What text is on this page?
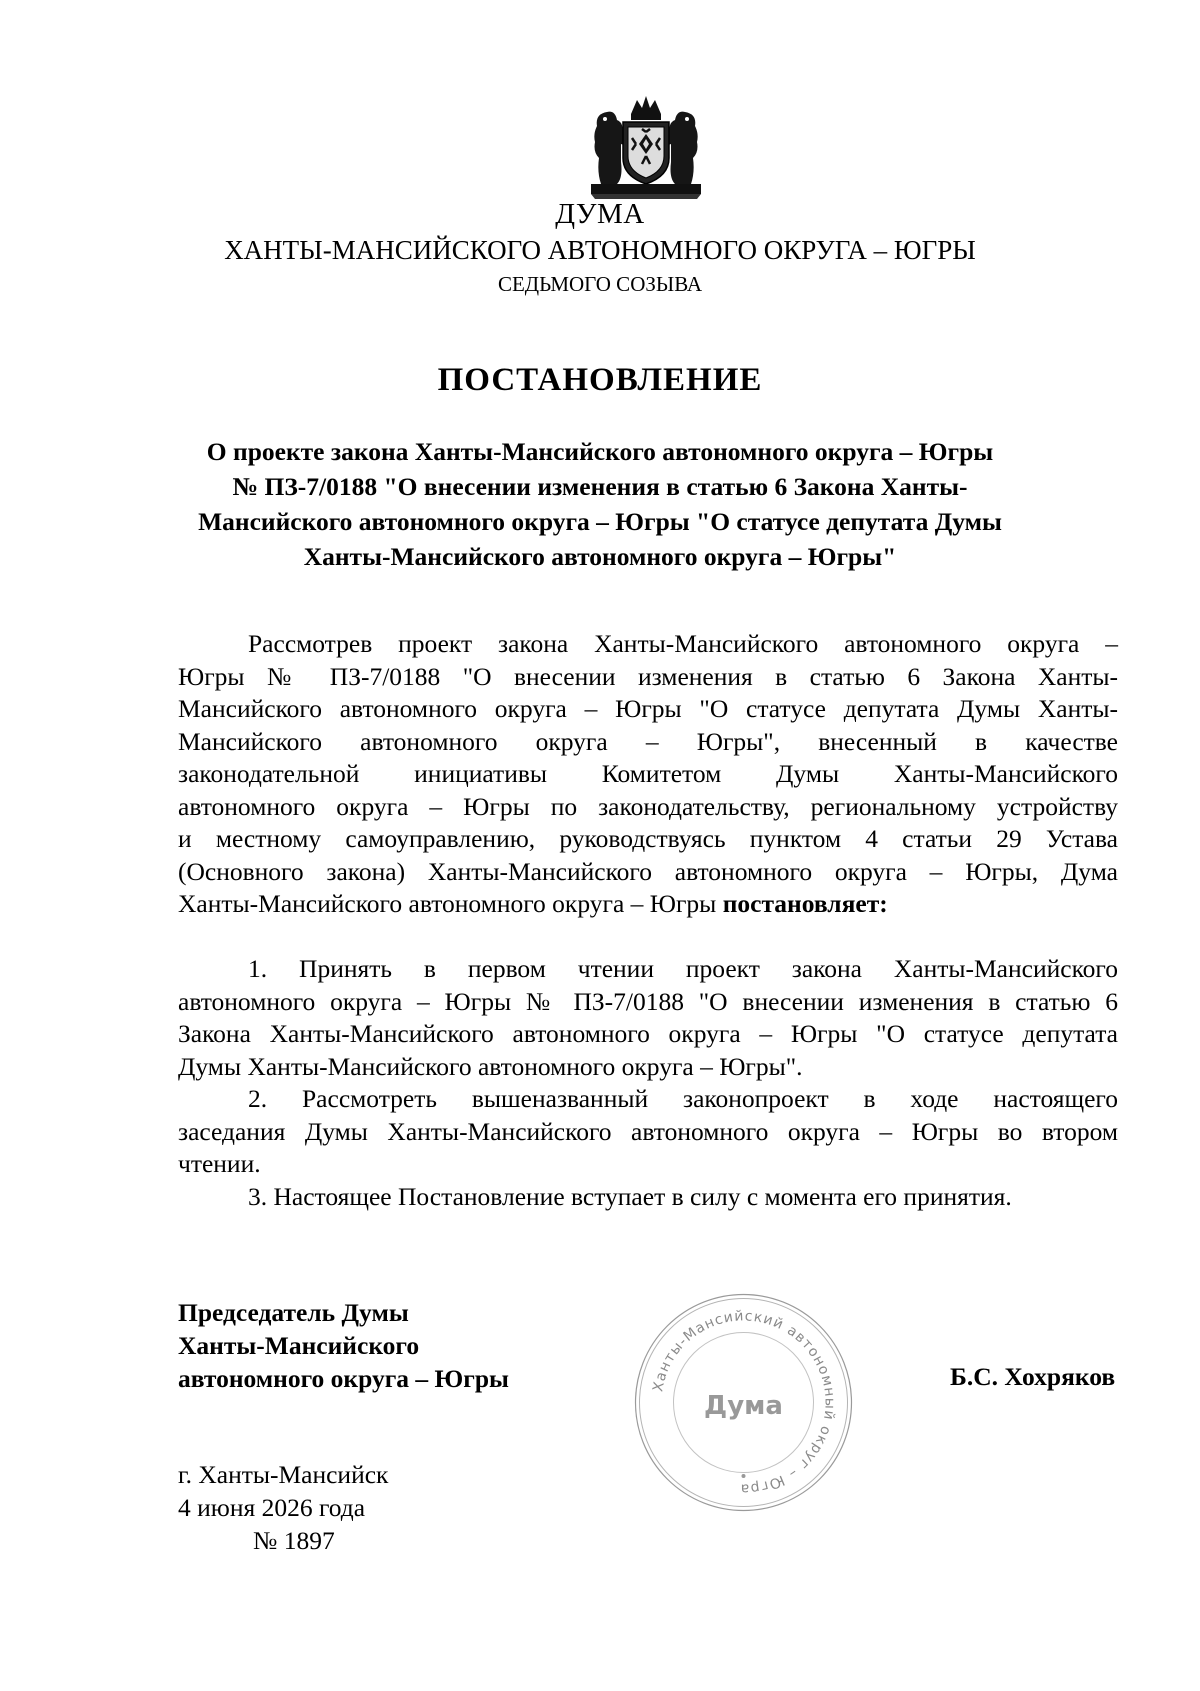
ДУМА
ХАНТЫ-МАНСИЙСКОГО АВТОНОМНОГО ОКРУГА – ЮГРЫ
СЕДЬМОГО СОЗЫВА
ПОСТАНОВЛЕНИЕ
О проекте закона Ханты-Мансийского автономного округа – Югры
№ ПЗ-7/0188 "О внесении изменения в статью 6 Закона Ханты-
Мансийского автономного округа – Югры "О статусе депутата Думы
Ханты-Мансийского автономного округа – Югры"
Рассмотрев проект закона Ханты-Мансийского автономного округа –
Югры № ПЗ-7/0188 "О внесении изменения в статью 6 Закона Ханты-
Мансийского автономного округа – Югры "О статусе депутата Думы Ханты-
Мансийского автономного округа – Югры", внесенный в качестве
законодательной инициативы Комитетом Думы Ханты-Мансийского
автономного округа – Югры по законодательству, региональному устройству
и местному самоуправлению, руководствуясь пунктом 4 статьи 29 Устава
(Основного закона) Ханты-Мансийского автономного округа – Югры, Дума
Ханты-Мансийского автономного округа – Югры постановляет:
1. Принять в первом чтении проект закона Ханты-Мансийского
автономного округа – Югры № ПЗ-7/0188 "О внесении изменения в статью 6
Закона Ханты-Мансийского автономного округа – Югры "О статусе депутата
Думы Ханты-Мансийского автономного округа – Югры".
2. Рассмотреть вышеназванный законопроект в ходе настоящего
заседания Думы Ханты-Мансийского автономного округа – Югры во втором
чтении.
3. Настоящее Постановление вступает в силу с момента его принятия.
Председатель Думы
Ханты-Мансийского
автономного округа – Югры	Ханты-Мансийский автономный округ – Югра
Дума
Б.С. Хохряков
г. Ханты-Мансийск
4 июня 2026 года
№ 1897
